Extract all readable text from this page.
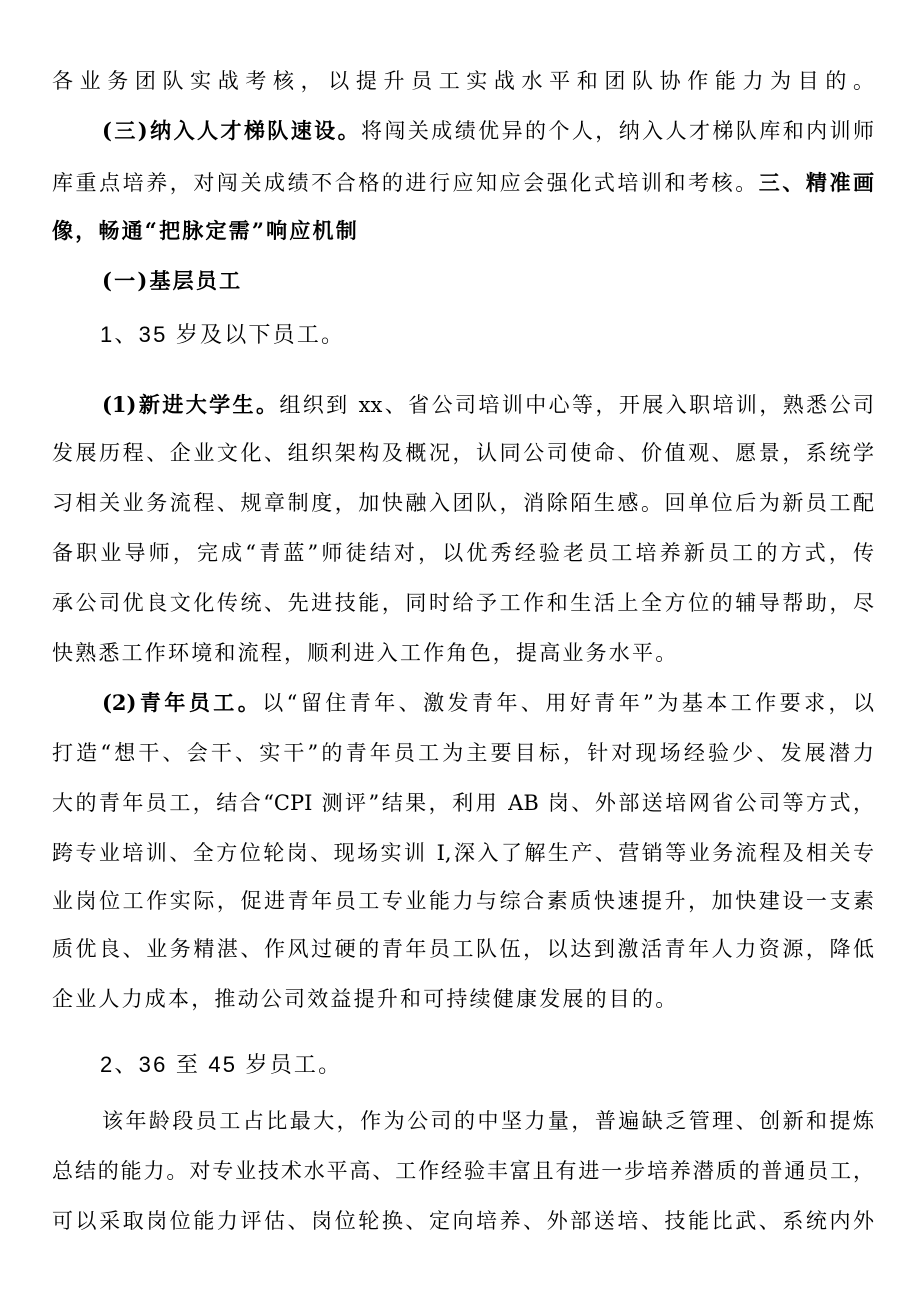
各业务团队实战考核，以提升员工实战水平和团队协作能力为目的。
(三)纳入人才梯队速设。将闯关成绩优异的个人，纳入人才梯队库和内训师
库重点培养，对闯关成绩不合格的进行应知应会强化式培训和考核。三、精准画
像，畅通“把脉定需”响应机制
(一)基层员工
1、35 岁及以下员工。
(1)新进大学生。组织到 xx、省公司培训中心等，开展入职培训，熟悉公司
发展历程、企业文化、组织架构及概况，认同公司使命、价值观、愿景，系统学
习相关业务流程、规章制度，加快融入团队，消除陌生感。回单位后为新员工配
备职业导师，完成“青蓝”师徒结对，以优秀经验老员工培养新员工的方式，传
承公司优良文化传统、先进技能，同时给予工作和生活上全方位的辅导帮助，尽
快熟悉工作环境和流程，顺利进入工作角色，提高业务水平。
(2)青年员工。以“留住青年、激发青年、用好青年”为基本工作要求，以
打造“想干、会干、实干”的青年员工为主要目标，针对现场经验少、发展潜力
大的青年员工，结合“CPI 测评”结果，利用 AB 岗、外部送培网省公司等方式，
跨专业培训、全方位轮岗、现场实训 I,深入了解生产、营销等业务流程及相关专
业岗位工作实际，促进青年员工专业能力与综合素质快速提升，加快建设一支素
质优良、业务精湛、作风过硬的青年员工队伍，以达到激活青年人力资源，降低
企业人力成本，推动公司效益提升和可持续健康发展的目的。
2、36 至 45 岁员工。
该年龄段员工占比最大，作为公司的中坚力量，普遍缺乏管理、创新和提炼
总结的能力。对专业技术水平高、工作经验丰富且有进一步培养潜质的普通员工，
可以采取岗位能力评估、岗位轮换、定向培养、外部送培、技能比武、系统内外
